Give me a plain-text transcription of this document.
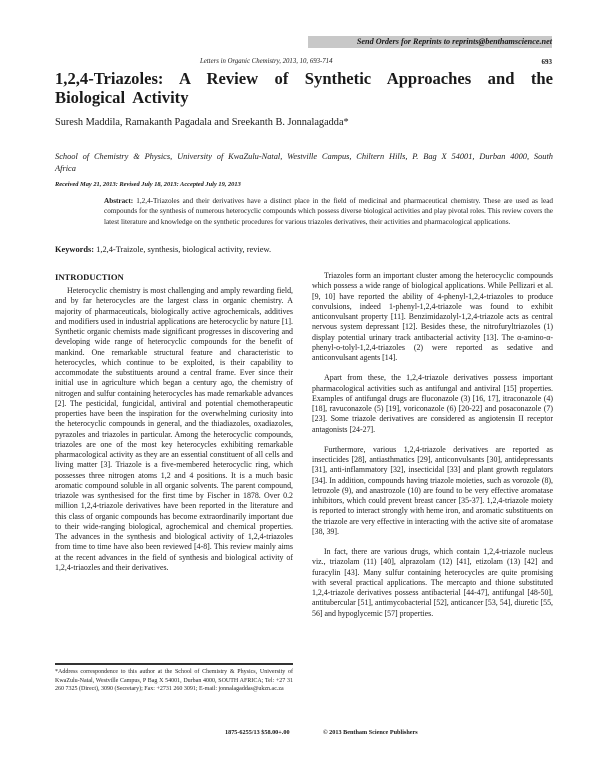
Send Orders for Reprints to reprints@benthamscience.net
Letters in Organic Chemistry, 2013, 10, 693-714	693
1,2,4-Triazoles: A Review of Synthetic Approaches and the Biological Activity
Suresh Maddila, Ramakanth Pagadala and Sreekanth B. Jonnalagadda*
School of Chemistry & Physics, University of KwaZulu-Natal, Westville Campus, Chiltern Hills, P. Bag X 54001, Durban 4000, South Africa
Received May 21, 2013: Revised July 18, 2013: Accepted July 19, 2013
Abstract: 1,2,4-Triazoles and their derivatives have a distinct place in the field of medicinal and pharmaceutical chemistry. These are used as lead compounds for the synthesis of numerous heterocyclic compounds which possess diverse biological activities and play pivotal roles. This review covers the latest literature and knowledge on the synthetic procedures for various triazoles derivatives, their activities and pharmacological applications.
Keywords: 1,2,4-Traizole, synthesis, biological activity, review.
INTRODUCTION

Heterocyclic chemistry is most challenging and amply rewarding field, and by far heterocycles are the largest class in organic chemistry. A majority of pharmaceuticals, biologically active agrochemicals, additives and modifiers used in industrial applications are heterocyclic by nature [1]. Synthetic organic chemists made significant progresses in discovering and developing wide range of heterocyclic compounds for the benefit of mankind. One remarkable structural feature and characteristic to heterocycles, which continue to be exploited, is their capability to accommodate the substituents around a central frame. Ever since their initial use in agriculture which began a century ago, the chemistry of nitrogen and sulfur containing heterocycles has made remarkable advances [2]. The pesticidal, fungicidal, antiviral and potential chemotherapeutic properties have been the inspiration for the overwhelming curiosity into the heterocyclic compounds in general, and the thiadiazoles, oxadiazoles, pyrazoles and triazoles in particular. Among the heterocyclic compounds, triazoles are one of the most key heterocycles exhibiting remarkable pharmacological activity as they are an essential constituent of all cells and living matter [3]. Triazole is a five-membered heterocyclic ring, which possesses three nitrogen atoms 1,2 and 4 positions. It is a much basic aromatic compound soluble in all organic solvents. The parent compound, triazole was synthesised for the first time by Fischer in 1878. Over 0.2 million 1,2,4-triazole derivatives have been reported in the literature and this class of organic compounds has become extraordinarily important due to their wide-ranging biological, agrochemical and chemical properties. The advances in the synthesis and biological activity of 1,2,4-triazoles from time to time have also been reviewed [4-8]. This review mainly aims at the recent advances in the field of synthesis and biological activity of 1,2,4-triaozles and their derivatives.

Triazoles form an important cluster among the heterocyclic compounds which possess a wide range of biological applications. While Pellizari et al. [9, 10] have reported the ability of 4-phenyl-1,2,4-triazoles to produce convulsions, indeed 1-phenyl-1,2,4-triazole was found to exhibit anticonvulsant property [11]. Benzimidazolyl-1,2,4-triazole acts as central nervous system depressant [12]. Besides these, the nitrofuryltriazoles (1) display potential urinary track antibacterial activity [13]. The α-amino-α-phenyl-o-tolyl-1,2,4-triazoles (2) were reported as sedative and anticonvulsant agents [14].

Apart from these, the 1,2,4-triazole derivatives possess important pharmacological activities such as antifungal and antiviral [15] properties. Examples of antifungal drugs are fluconazole (3) [16, 17], itraconazole (4) [18], ravuconazole (5) [19], voriconazole (6) [20-22] and posaconazole (7) [23]. Some triazole derivatives are considered as angiotensin II receptor antagonists [24-27].

Furthermore, various 1,2,4-triazole derivatives are reported as insecticides [28], antiasthmatics [29], anticonvulsants [30], antidepressants [31], anti-inflammatory [32], insecticidal [33] and plant growth regulators [34]. In addition, compounds having triazole moieties, such as vorozole (8), letrozole (9), and anastrozole (10) are found to be very effective aromatase inhibitors, which could prevent breast cancer [35-37]. 1,2,4-triazole moiety is reported to interact strongly with heme iron, and aromatic substituents on the triazole are very effective in interacting with the active site of aromatase [38, 39].

In fact, there are various drugs, which contain 1,2,4-triazole nucleus viz., triazolam (11) [40], alprazolam (12) [41], etizolam (13) [42] and furacylin [43]. Many sulfur containing heterocycles are quite promising with several practical applications. The mercapto and thione substituted 1,2,4-triazole derivatives possess antibacterial [44-47], antifungal [48-50], antitubercular [51], antimycobacterial [52], anticancer [53, 54], diuretic [55, 56] and hypoglycemic [57] properties.

*Address correspondence to this author at the School of Chemistry & Physics, University of KwaZulu-Natal, Westville Campus, P Bag X 54001, Durban 4000, SOUTH AFRICA; Tel: +27 31 260 7325 (Direct), 3090 (Secretary); Fax: +2731 260 3091; E-mail: jonnalagaddas@ukzn.ac.za
1875-6255/13 $58.00+.00	© 2013 Bentham Science Publishers
